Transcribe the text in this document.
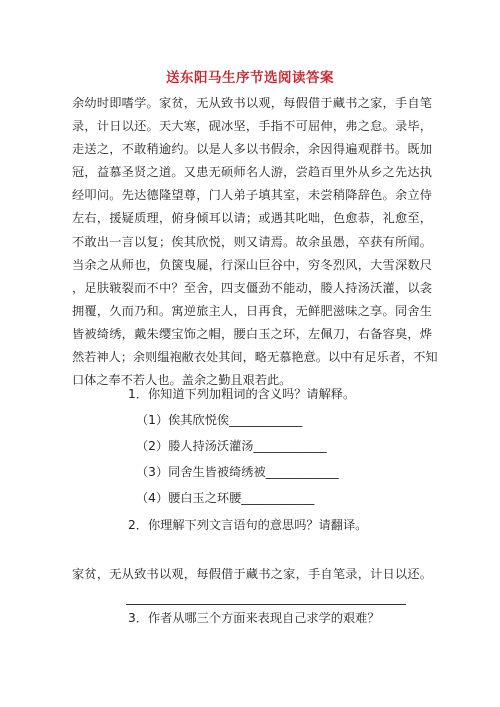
送东阳马生序节选阅读答案
余幼时即嗜学。家贫，无从致书以观，每假借于藏书之家，手自笔
录，计日以还。天大寒，砚冰坚，手指不可屈伸，弗之怠。录毕，
走送之，不敢稍逾约。以是人多以书假余，余因得遍观群书。既加
冠，益慕圣贤之道。又患无硕师名人游，尝趋百里外从乡之先达执
经叩问。先达德隆望尊，门人弟子填其室，未尝稍降辞色。余立侍
左右，援疑质理，俯身倾耳以请；或遇其叱咄，色愈恭，礼愈至，
不敢出一言以复；俟其欣悦，则又请焉。故余虽愚，卒获有所闻。
当余之从师也，负箧曳屣，行深山巨谷中，穷冬烈风，大雪深数尺
，足肤皲裂而不中？至舍，四支僵劲不能动，媵人持汤沃灌，以衾
拥覆，久而乃和。寓逆旅主人，日再食，无鲜肥滋味之享。同舍生
皆被绮绣，戴朱缨宝饰之帽，腰白玉之环，左佩刀，右备容臭，烨
然若神人；余则缊袍敝衣处其间，略无慕艳意。以中有足乐者，不知
口体之奉不若人也。盖余之勤且艰若此。
1．你知道下列加粗词的含义吗？请解释。
（1）俟其欣悦俟____________
（2）媵人持汤沃灌汤____________
（3）同舍生皆被绮绣被____________
（4）腰白玉之环腰____________
2．你理解下列文言语句的意思吗？请翻译。
家贫，无从致书以观，每假借于藏书之家，手自笔录，计日以还。
3．作者从哪三个方面来表现自己求学的艰难？
